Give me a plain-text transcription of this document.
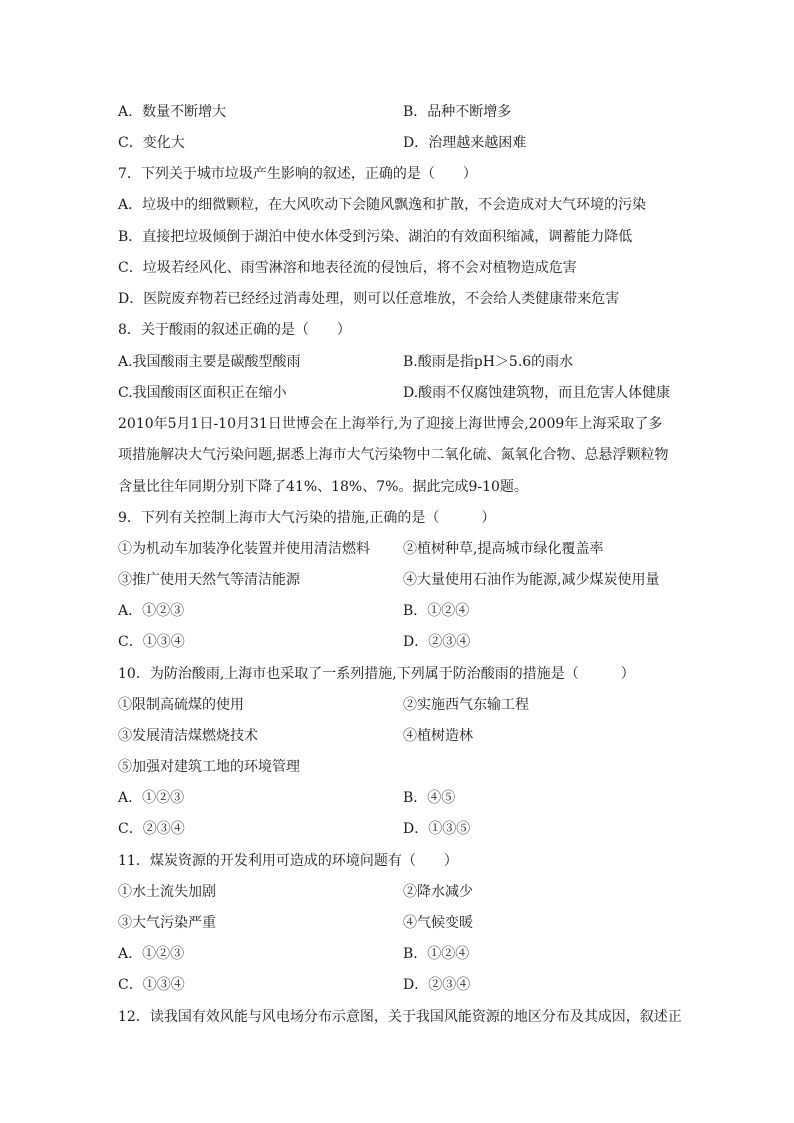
A．数量不断增大	B．品种不断增多
C．变化大	D．治理越来越困难
7．下列关于城市垃圾产生影响的叙述，正确的是（　　）
A．垃圾中的细微颗粒，在大风吹动下会随风飘逸和扩散，不会造成对大气环境的污染
B．直接把垃圾倾倒于湖泊中使水体受到污染、湖泊的有效面积缩减，调蓄能力降低
C．垃圾若经风化、雨雪淋溶和地表径流的侵蚀后，将不会对植物造成危害
D．医院废弃物若已经经过消毒处理，则可以任意堆放，不会给人类健康带来危害
8．关于酸雨的叙述正确的是（　　）
A.我国酸雨主要是碳酸型酸雨	B.酸雨是指pH＞5.6的雨水
C.我国酸雨区面积正在缩小	D.酸雨不仅腐蚀建筑物，而且危害人体健康
2010年5月1日-10月31日世博会在上海举行,为了迎接上海世博会,2009年上海采取了多
项措施解决大气污染问题,据悉上海市大气污染物中二氧化硫、氮氧化合物、总悬浮颗粒物
含量比往年同期分别下降了41%、18%、7%。据此完成9-10题。
9．下列有关控制上海市大气污染的措施,正确的是（　　　）
①为机动车加装净化装置并使用清洁燃料 ②植树种草,提高城市绿化覆盖率
③推广使用天然气等清洁能源	④大量使用石油作为能源,减少煤炭使用量
A．①②③	B．①②④
C．①③④	D．②③④
10．为防治酸雨,上海市也采取了一系列措施,下列属于防治酸雨的措施是（　　　）
①限制高硫煤的使用	②实施西气东输工程
③发展清洁煤燃烧技术	④植树造林
⑤加强对建筑工地的环境管理
A．①②③	B．④⑤
C．②③④	D．①③⑤
11．煤炭资源的开发利用可造成的环境问题有（　　）
①水土流失加剧	②降水减少
③大气污染严重	④气候变暖
A．①②③	B．①②④
C．①③④	D．②③④
12．读我国有效风能与风电场分布示意图，关于我国风能资源的地区分布及其成因，叙述正
